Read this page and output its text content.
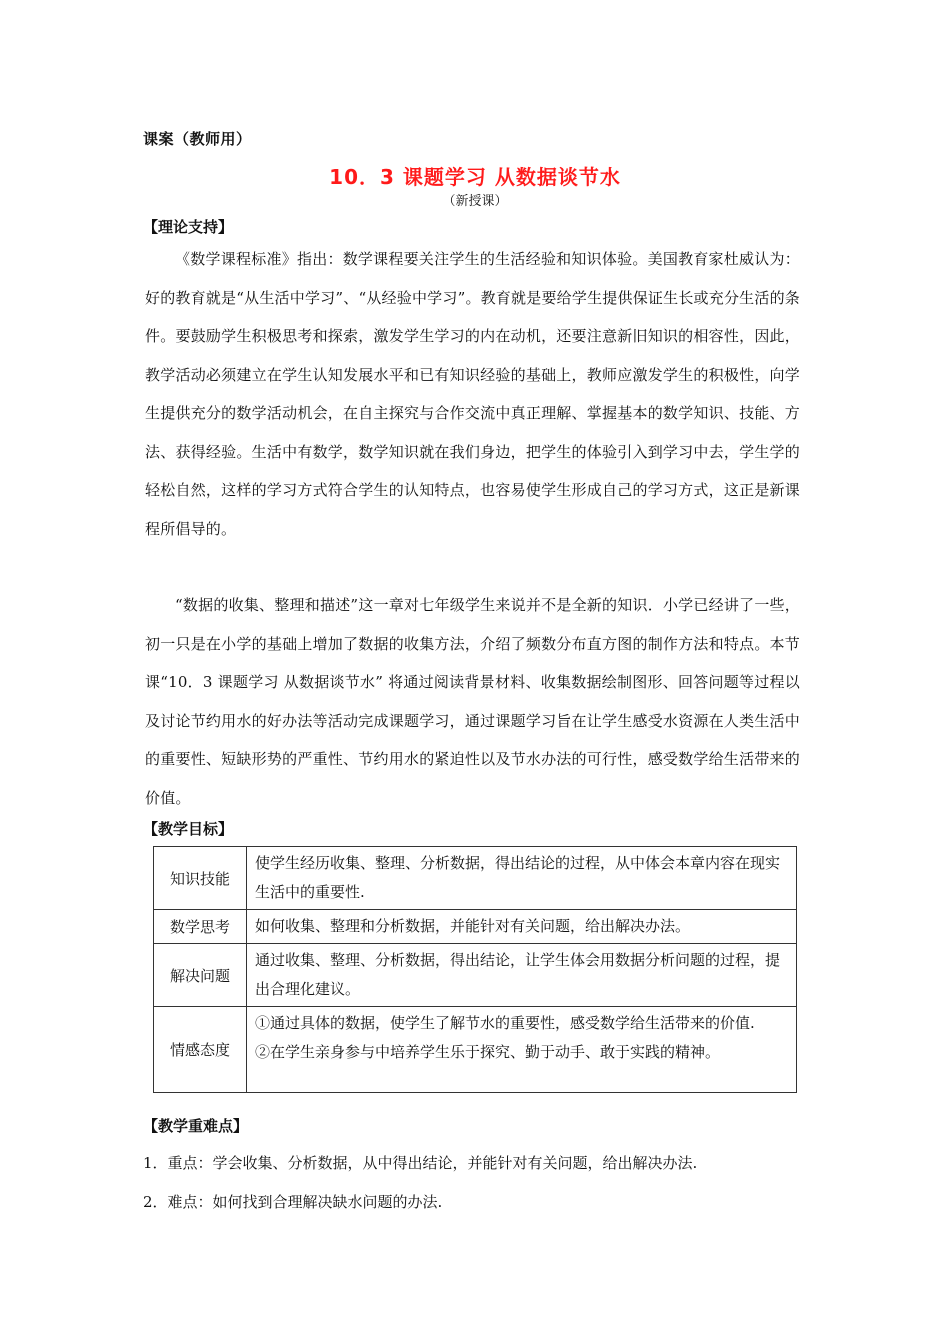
课案（教师用）
10．3 课题学习 从数据谈节水
（新授课）
【理论支持】
《数学课程标准》指出：数学课程要关注学生的生活经验和知识体验。美国教育家杜威认为：好的教育就是“从生活中学习”、“从经验中学习”。教育就是要给学生提供保证生长或充分生活的条件。要鼓励学生积极思考和探索，激发学生学习的内在动机，还要注意新旧知识的相容性，因此，教学活动必须建立在学生认知发展水平和已有知识经验的基础上，教师应激发学生的积极性，向学生提供充分的数学活动机会，在自主探究与合作交流中真正理解、掌握基本的数学知识、技能、方法、获得经验。生活中有数学，数学知识就在我们身边，把学生的体验引入到学习中去，学生学的轻松自然，这样的学习方式符合学生的认知特点，也容易使学生形成自己的学习方式，这正是新课程所倡导的。
“数据的收集、整理和描述”这一章对七年级学生来说并不是全新的知识．小学已经讲了一些，初一只是在小学的基础上增加了数据的收集方法，介绍了频数分布直方图的制作方法和特点。本节课“10．3 课题学习 从数据谈节水” 将通过阅读背景材料、收集数据绘制图形、回答问题等过程以及讨论节约用水的好办法等活动完成课题学习，通过课题学习旨在让学生感受水资源在人类生活中的重要性、短缺形势的严重性、节约用水的紧迫性以及节水办法的可行性，感受数学给生活带来的价值。
【教学目标】
知识技能	使学生经历收集、整理、分析数据，得出结论的过程，从中体会本章内容在现实生活中的重要性.
数学思考	如何收集、整理和分析数据，并能针对有关问题，给出解决办法。
解决问题	通过收集、整理、分析数据，得出结论，让学生体会用数据分析问题的过程，提出合理化建议。
情感态度	①通过具体的数据，使学生了解节水的重要性，感受数学给生活带来的价值.
②在学生亲身参与中培养学生乐于探究、勤于动手、敢于实践的精神。
【教学重难点】
1．重点：学会收集、分析数据，从中得出结论，并能针对有关问题，给出解决办法.
2．难点：如何找到合理解决缺水问题的办法.
